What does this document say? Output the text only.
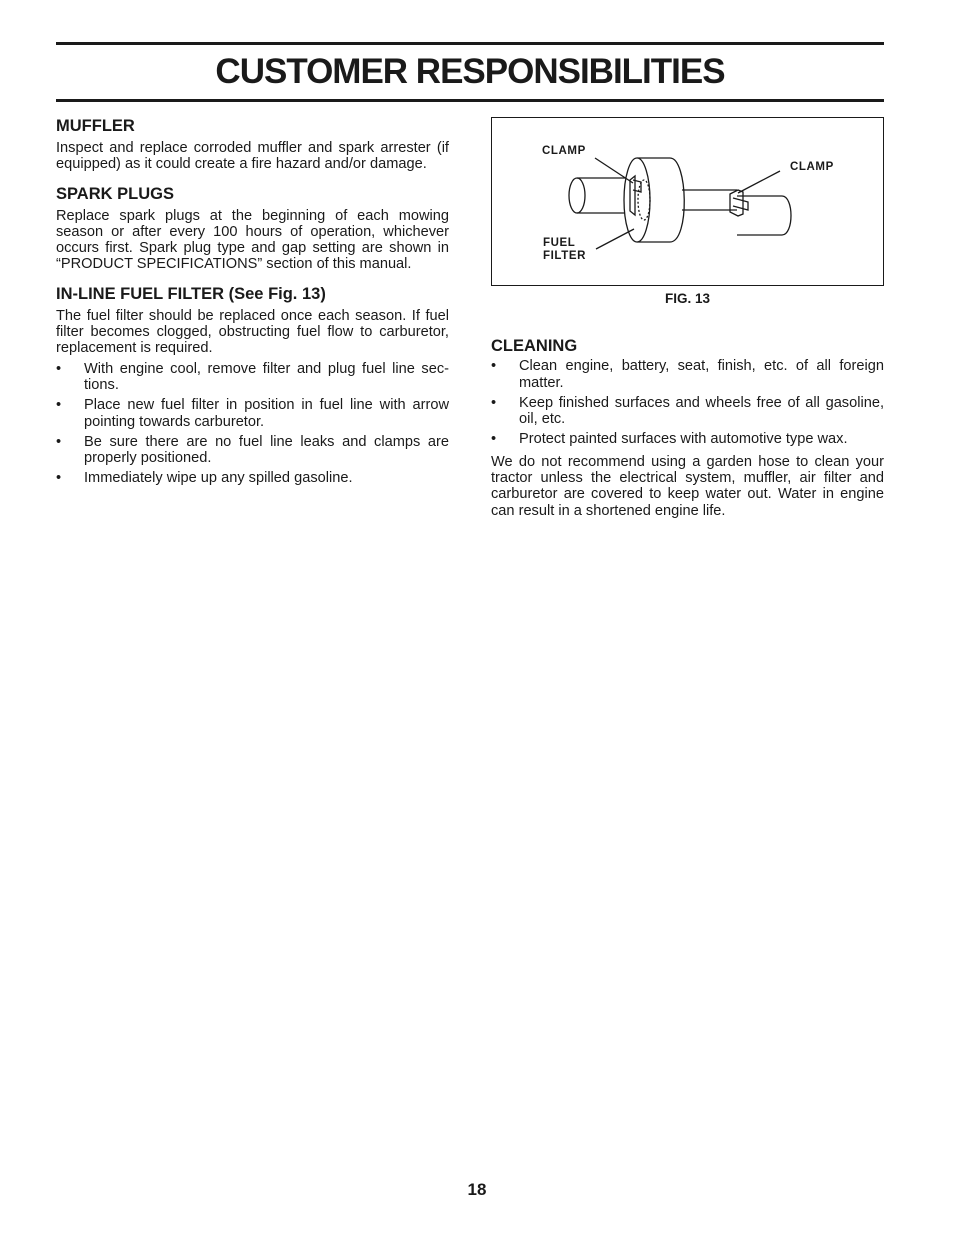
CUSTOMER RESPONSIBILITIES
MUFFLER

Inspect and replace corroded muffler and spark arrester (if equipped) as it could create a fire hazard and/or damage.

SPARK PLUGS

Replace spark plugs at the beginning of each mowing season or after every 100 hours of operation, whichever occurs first. Spark plug type and gap setting are shown in “PRODUCT SPECIFICATIONS” section of this manual.

IN-LINE FUEL FILTER (See Fig. 13)

The fuel filter should be replaced once each season. If fuel filter becomes clogged, obstructing fuel flow to carburetor, replacement is required.

• With engine cool, remove filter and plug fuel line sec-tions.
• Place new fuel filter in position in fuel line with arrow pointing towards carburetor.
• Be sure there are no fuel line leaks and clamps are properly positioned.
• Immediately wipe up any spilled gasoline.
CLAMP
CLAMP
FUEL
FILTER
FIG. 13
CLEANING
• Clean engine, battery, seat, finish, etc. of all foreign matter.
• Keep finished surfaces and wheels free of all gasoline, oil, etc.
• Protect painted surfaces with automotive type wax.

We do not recommend using a garden hose to clean your tractor unless the electrical system, muffler, air filter and carburetor are covered to keep water out. Water in engine can result in a shortened engine life.

18
